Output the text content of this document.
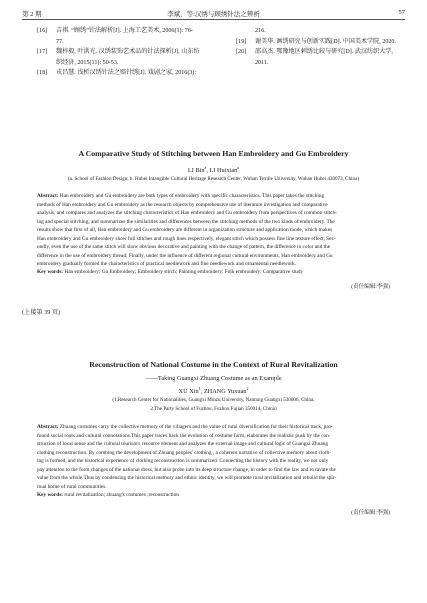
第 2 期	李斌，等:汉绣与顾绣针法之辨析	57
[16]	吉祺. “顾绣”针法解析[J]. 上海工艺美术, 2006(1): 76-
77.
[17]	魏梓毅, 叶洪光. 汉绣装饰艺术品的针法探析[J]. 山东纺
织经济, 2015(11): 50-53.
[18]	戎昌慧. 浅析汉绣针法之赔针绣[J]. 戏剧之家, 2016(3):
216.
[19]	谢美华. 画绣研究与创新实践[D]. 中国美术学院, 2020.
[20]	邵高杰. 鄂豫地区刺绣比较与研究[D]. 武汉纺织大学,
2011.
A Comparative Study of Stitching between Han Embroidery and Gu Embroidery
LI Bin$^a$, LI Huixian$^a$
(a. School of Fashion Design; b. Hubei Intangible Cultural Heritage Research Center, Wuhan Textile University, Wuhan Hubei 430073, China)
Abstract: Han embroidery and Gu embroidery are both types of embroidery with specific characteristics. This paper takes the stitching
methods of Han embroidery and Gu embroidery as the research objects by comprehensive use of literature investigation and comparative
analysis, and compares and analyzes the stitching characteristics of Han embroidery and Gu embroidery from perspectives of common stitch-
ing and special stitching, and summarizes the similarities and differences between the stitching methods of the two kinds of embroidery. The
results show that first of all, Han embroidery and Gu embroidery are different in organization structure and application mode, which makes
Han embroidery and Gu embroidery show full stitches and rough lines respectively, elegant stitch which possess fine line texture effect; Sec-
ondly, even the use of the same stitch will show obvious decorative and painting with the change of pattern, the difference in color and the
difference in the use of embroidery thread; Finally, under the influence of different regional cultural environments, Han embroidery and Gu
embroidery gradually formed the characteristics of practical needlework and fine needlework and ornamental needlework.
Key words: Han embroidery; Gu Embroidery; Embroidery stitch; Painting embroidery; Folk embroidery; Comparative study
(责任编辑:李强)
(上接第 39 页)
Reconstruction of National Costume in the Context of Rural Revitalization
——Taking Guangxi Zhuang Costume as an Example
XU Xin$^1$, ZHANG Yuxuan$^2$
(1.Research Center for Nationalities, Guangxi Minzu University, Nanning Guangxi 530006, China;
2.The Party School of Fuzhou, Fuzhou Fujian 350014, China)
Abstract: Zhuang costumes carry the collective memory of the villagers and the value of rural diversification for their historical track, pro-
found social roots and cultural connotations.This paper traces back the evolution of costume form, elaborates the realistic push by the con-
struction of local sense and the cultural tourism's resource element and analyzes the external image and cultural logic of Guangxi Zhuang
clothing reconstruction. By combing the development of Zhuang peoples' clothing , a coherent narrative of collective memory about cloth-
ing is formed, and the historical experience of clothing reconstruction is summarized. Connecting the history with the reality, we not only
pay attention to the form changes of the national dress, but also probe into its deep structure change, in order to find the law and excavate the
value from the whole.Thus by condensing the historical memory and ethnic identity, we will promote rural revitalization and rebuild the spir-
itual home of rural communities.
Key words: rural revitalization; zhuang's costumes ;reconstruction
(责任编辑:李强)
